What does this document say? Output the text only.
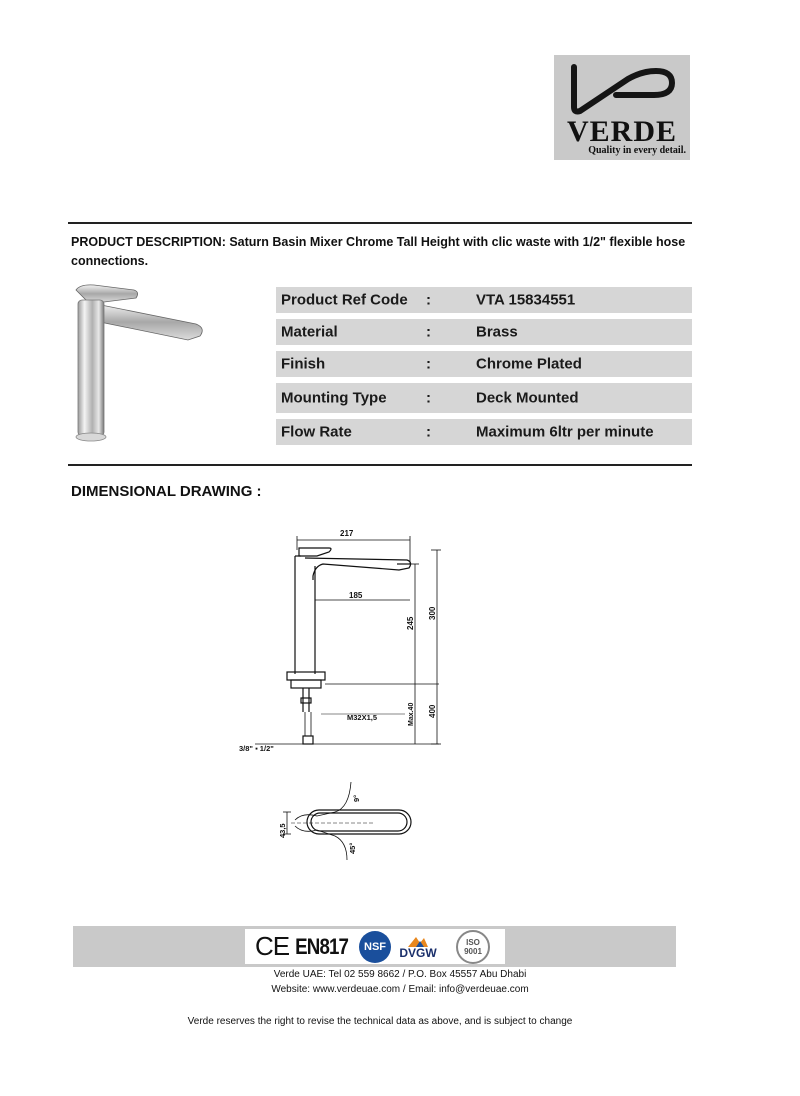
VERDE
Quality in every detail.
PRODUCT DESCRIPTION: Saturn Basin Mixer Chrome Tall Height with clic waste with 1/2" flexible hose connections.
Product Ref Code :	VTA 15834551
Material	:	Brass
Finish	:	Chrome Plated
Mounting Type	:	Deck Mounted
Flow Rate	:	Maximum 6ltr per minute
DIMENSIONAL DRAWING :
217
185
245
300
Max.40 400
M32X1,5
3/8" ▪ 1/2"
43,5
9°
45°
CE EN817	NSF	DVGW
ISO 9001
Verde UAE: Tel 02 559 8662 / P.O. Box 45557 Abu Dhabi
Website: www.verdeuae.com / Email: info@verdeuae.com
Verde reserves the right to revise the technical data as above, and is subject to change
